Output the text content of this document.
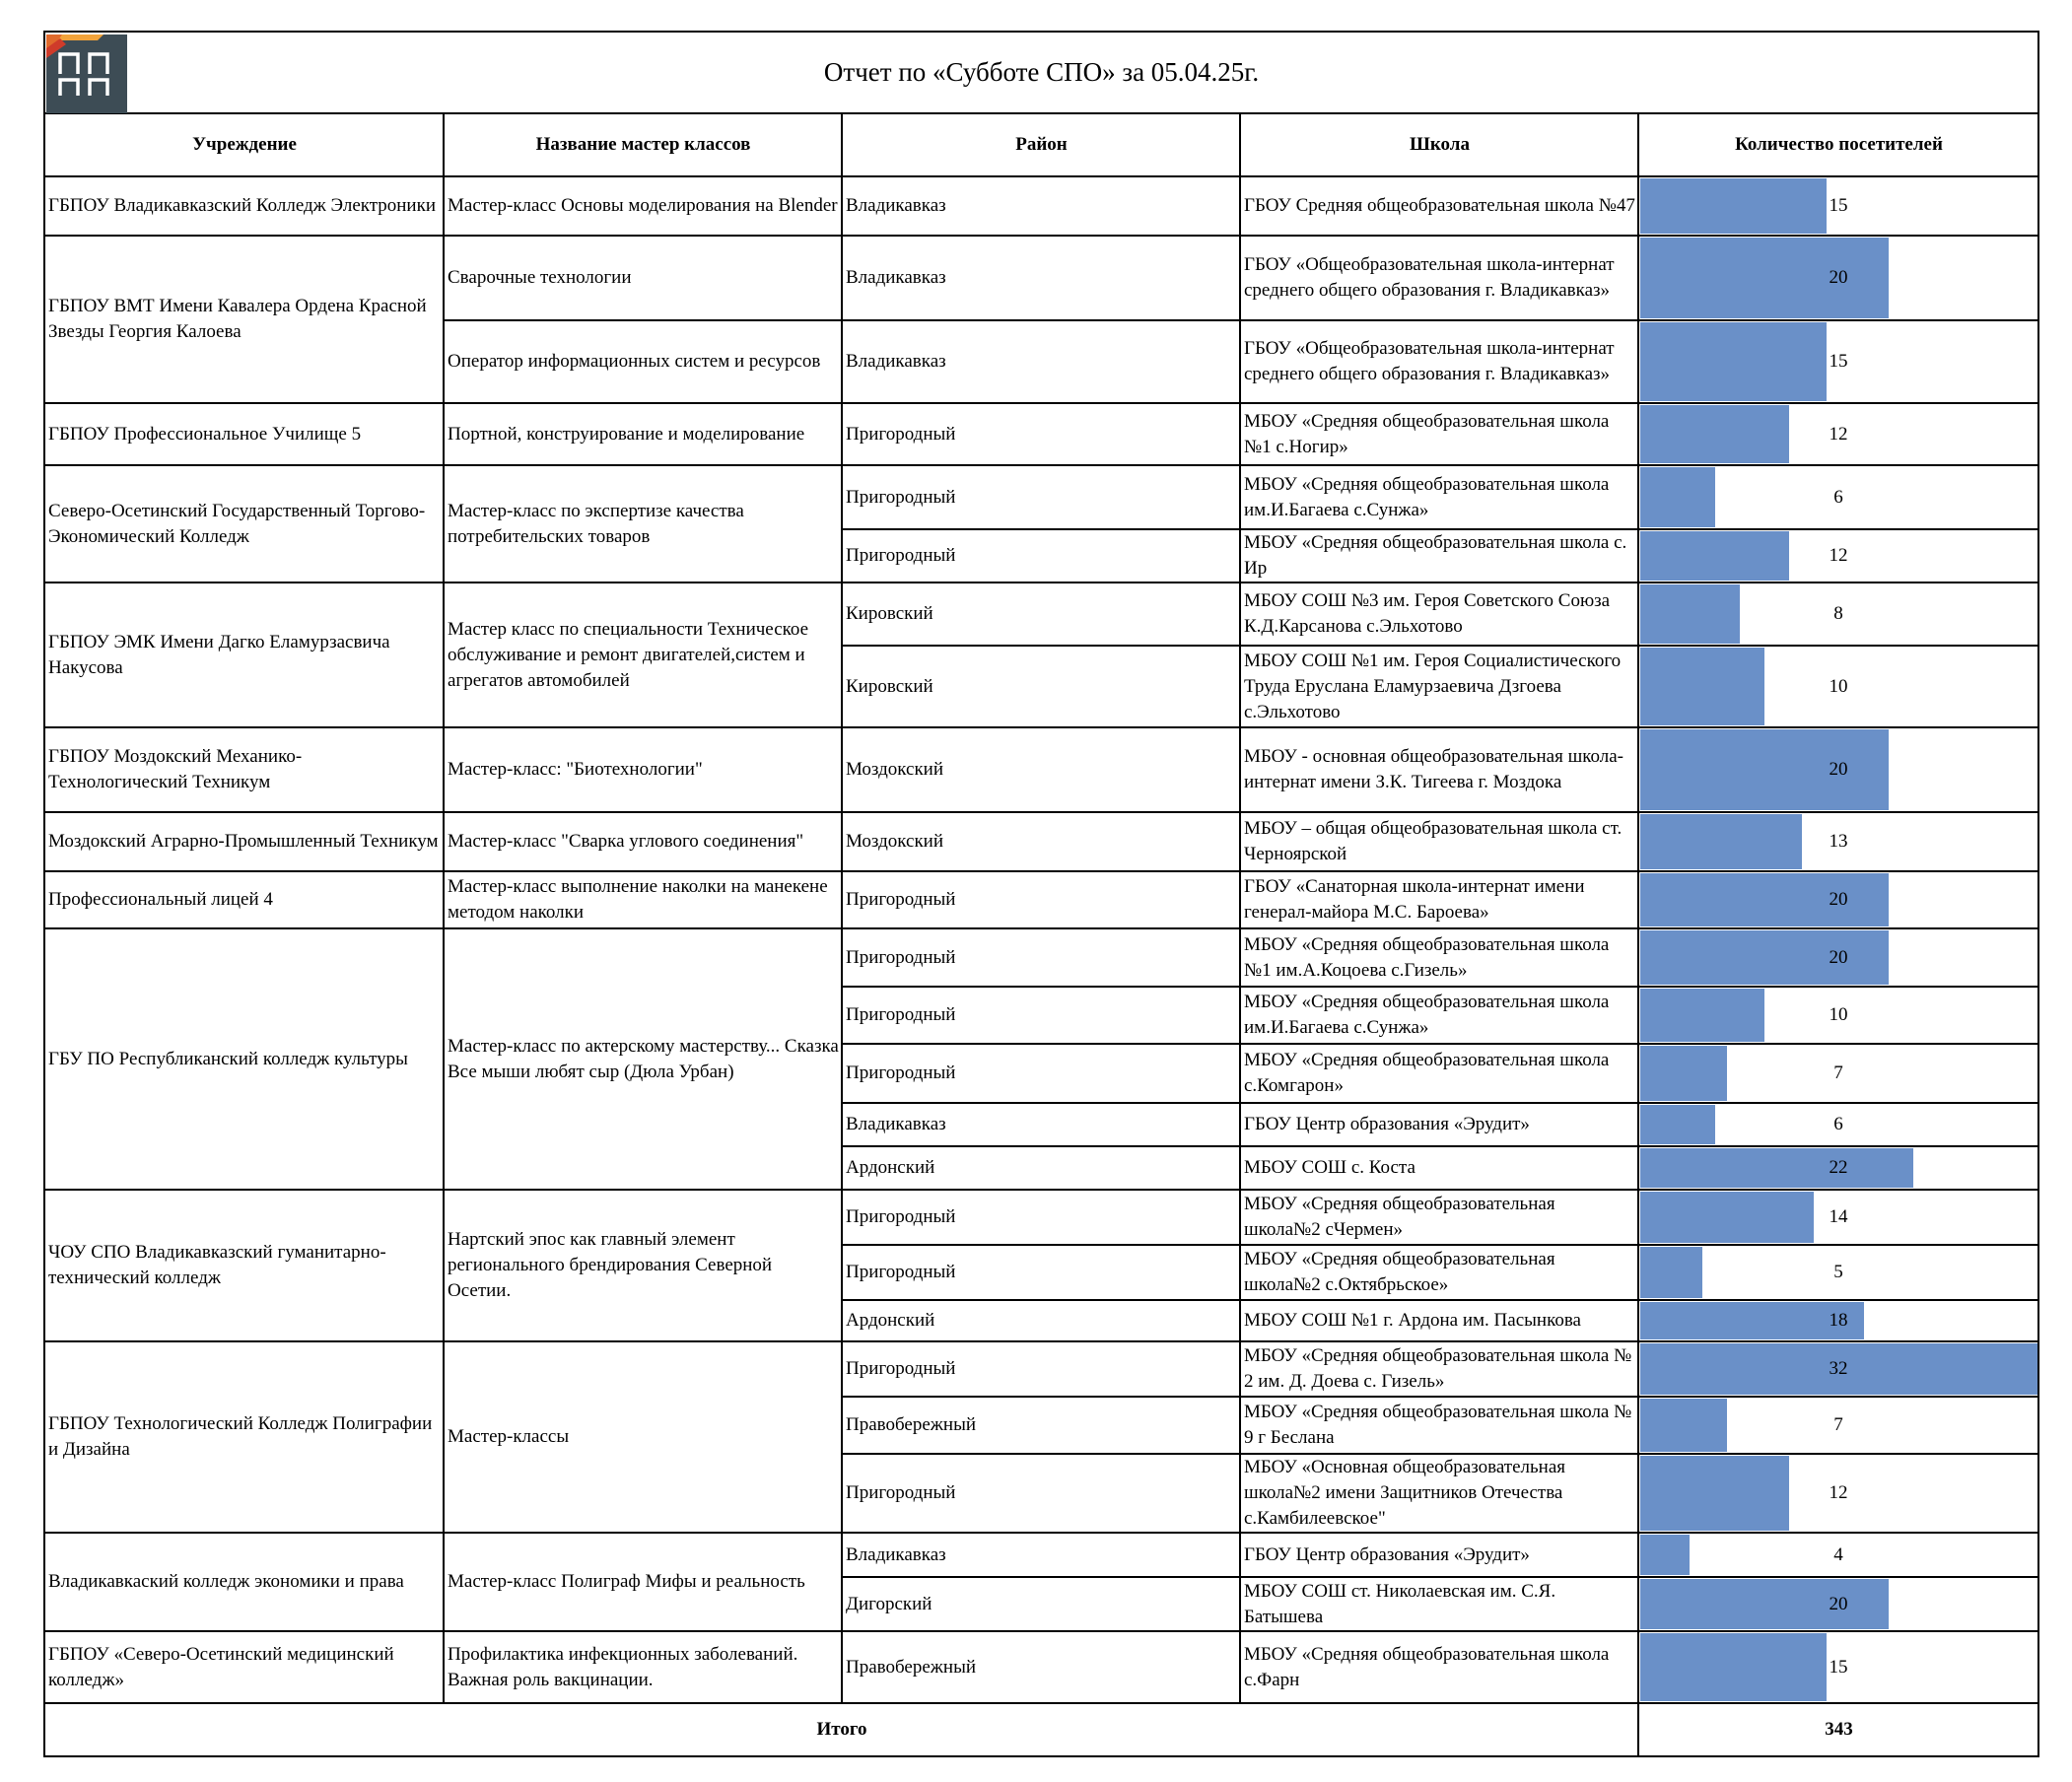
Отчет по «Субботе СПО» за 05.04.25г.
Учреждение	Название мастер классов	Район	Школа	Количество посетителей
ГБПОУ Владикавказский Колледж Электроники	Мастер-класс Основы моделирования на Blender	Владикавказ	ГБОУ Средняя общеобразовательная школа №47	15
ГБПОУ ВМТ Имени Кавалера Ордена Красной Звезды Георгия Калоева	Сварочные технологии	Владикавказ	ГБОУ «Общеобразовательная школа-интернат среднего общего образования г. Владикавказ»	20
	Оператор информационных систем и ресурсов	Владикавказ	ГБОУ «Общеобразовательная школа-интернат среднего общего образования г. Владикавказ»	15
ГБПОУ Профессиональное Училище 5	Портной, конструирование и моделирование	Пригородный	МБОУ «Средняя общеобразовательная школа №1 с.Ногир»	12
Северо-Осетинский Государственный Торгово-Экономический Колледж	Мастер-класс по экспертизе качества потребительских товаров	Пригородный	МБОУ «Средняя общеобразовательная школа им.И.Багаева с.Сунжа»	6
		Пригородный	МБОУ «Средняя общеобразовательная школа с. Ир	12
ГБПОУ ЭМК Имени Дагко Еламурзасвича Накусова	Мастер класс по специальности Техническое обслуживание и ремонт двигателей,систем и агрегатов автомобилей	Кировский	МБОУ СОШ №3 им. Героя Советского Союза К.Д.Карсанова с.Эльхотово	8
		Кировский	МБОУ СОШ №1 им. Героя Социалистического Труда Еруслана Еламурзаевича Дзгоева с.Эльхотово	10
ГБПОУ Моздокский Механико-Технологический Техникум	Мастер-класс: "Биотехнологии"	Моздокский	МБОУ - основная общеобразовательная школа-интернат имени З.К. Тигеева г. Моздока	20
Моздокский Аграрно-Промышленный Техникум	Мастер-класс "Сварка углового соединения"	Моздокский	МБОУ – общая общеобразовательная школа ст. Черноярской	13
Профессиональный лицей 4	Мастер-класс выполнение наколки на манекене методом наколки	Пригородный	ГБОУ «Санаторная школа-интернат имени генерал-майора М.С. Бароева»	20
ГБУ ПО Республиканский колледж культуры	Мастер-класс по актерскому мастерству... Сказка Все мыши любят сыр (Дюла Урбан)	Пригородный	МБОУ «Средняя общеобразовательная школа №1 им.А.Коцоева с.Гизель»	20
		Пригородный	МБОУ «Средняя общеобразовательная школа им.И.Багаева с.Сунжа»	10
		Пригородный	МБОУ «Средняя общеобразовательная школа с.Комгарон»	7
		Владикавказ	ГБОУ Центр образования «Эрудит»	6
		Ардонский	МБОУ СОШ с. Коста	22
ЧОУ СПО Владикавказский гуманитарно-технический колледж	Нартский эпос как главный элемент регионального брендирования Северной Осетии.	Пригородный	МБОУ «Средняя общеобразовательная школа№2 сЧермен»	14
		Пригородный	МБОУ «Средняя общеобразовательная школа№2 с.Октябрьское»	5
		Ардонский	МБОУ СОШ №1 г. Ардона им. Пасынкова	18
ГБПОУ Технологический Колледж Полиграфии и Дизайна	Мастер-классы	Пригородный	МБОУ «Средняя общеобразовательная школа № 2 им. Д. Доева с. Гизель»	32
		Правобережный	МБОУ «Средняя общеобразовательная школа № 9 г Беслана	7
		Пригородный	МБОУ «Основная общеобразовательная школа№2 имени Защитников Отечества с.Камбилеевское"	12
Владикавкаский колледж экономики и права	Мастер-класс Полиграф Мифы и реальность	Владикавказ	ГБОУ Центр образования «Эрудит»	4
		Дигорский	МБОУ СОШ ст. Николаевская им. С.Я. Батышева	20
ГБПОУ «Северо-Осетинский медицинский колледж»	Профилактика инфекционных заболеваний. Важная роль вакцинации.	Правобережный	МБОУ «Средняя общеобразовательная школа с.Фарн	15
Итого				343
